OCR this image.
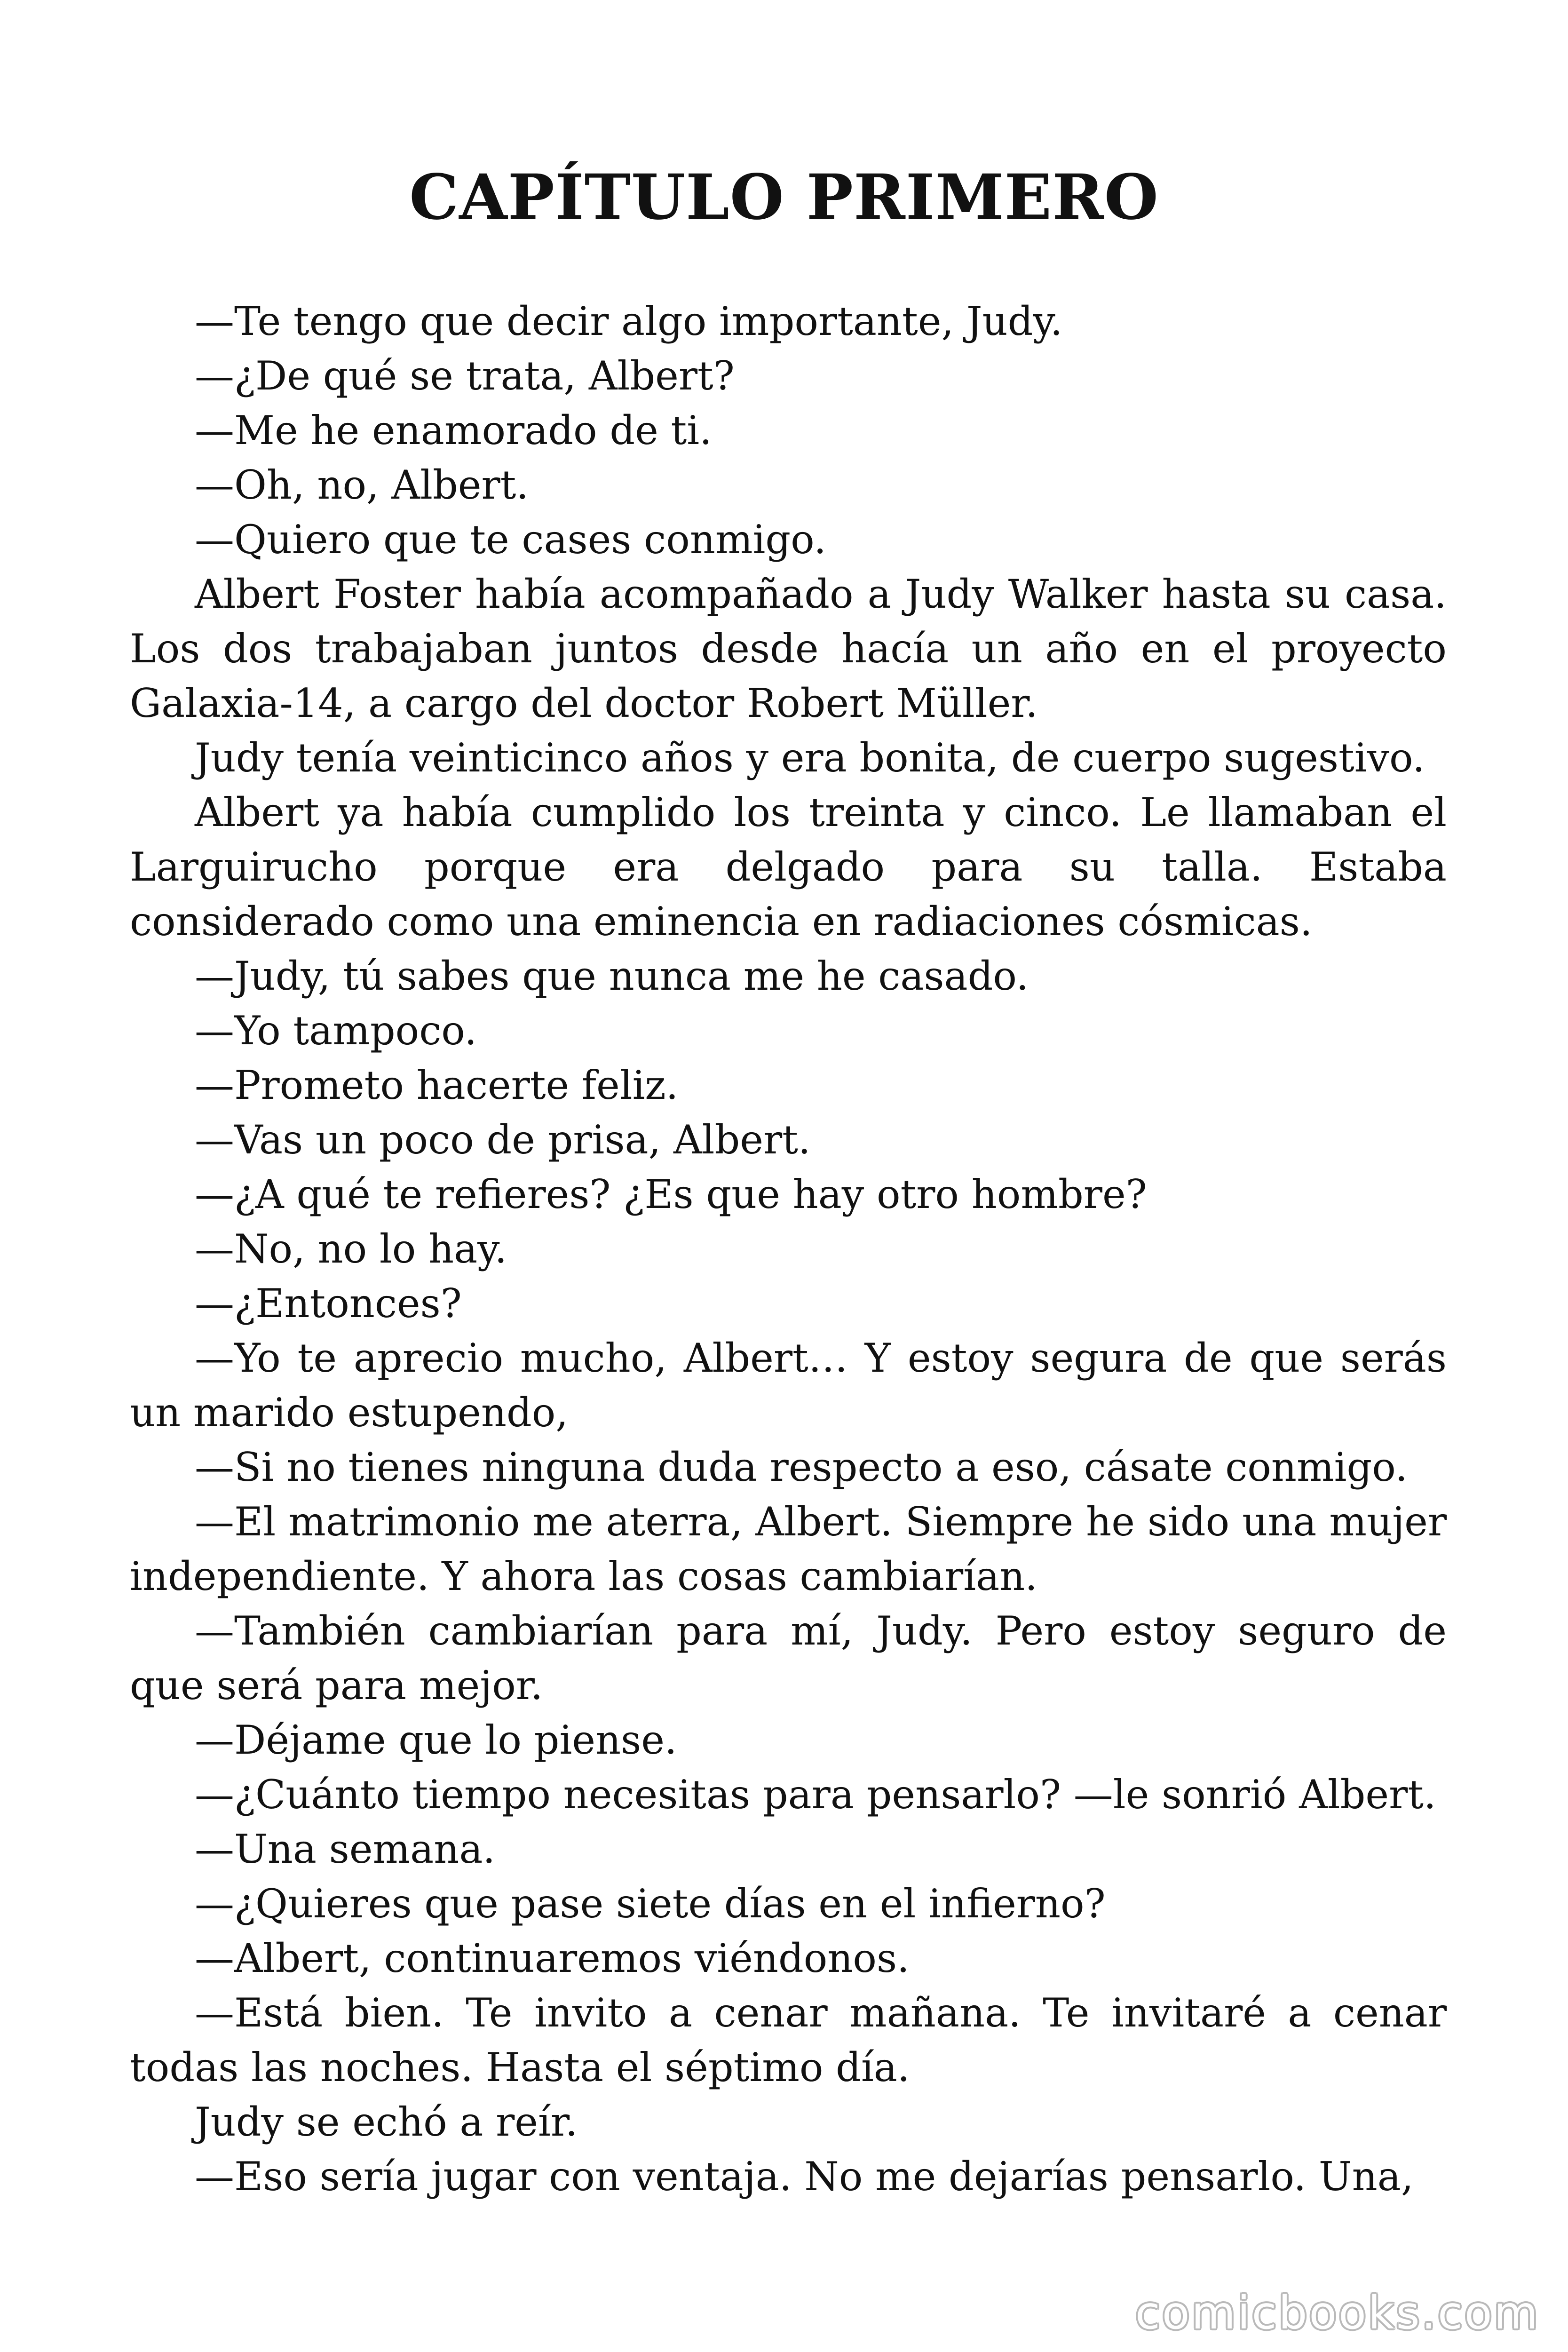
CAPÍTULO PRIMERO

—Te tengo que decir algo importante, Judy.

—¿De qué se trata, Albert?

—Me he enamorado de ti.

—Oh, no, Albert.

—Quiero que te cases conmigo.

Albert Foster había acompañado a Judy Walker hasta su casa. Los dos trabajaban juntos desde hacía un año en el proyecto Galaxia-14, a cargo del doctor Robert Müller.

Judy tenía veinticinco años y era bonita, de cuerpo sugestivo.

Albert ya había cumplido los treinta y cinco. Le llamaban el Larguirucho porque era delgado para su talla. Estaba considerado como una eminencia en radiaciones cósmicas.

—Judy, tú sabes que nunca me he casado.

—Yo tampoco.

—Prometo hacerte feliz.

—Vas un poco de prisa, Albert.

—¿A qué te refieres? ¿Es que hay otro hombre?

—No, no lo hay.

—¿Entonces?

—Yo te aprecio mucho, Albert… Y estoy segura de que serás un marido estupendo,

—Si no tienes ninguna duda respecto a eso, cásate conmigo.

—El matrimonio me aterra, Albert. Siempre he sido una mujer independiente. Y ahora las cosas cambiarían.

—También cambiarían para mí, Judy. Pero estoy seguro de que será para mejor.

—Déjame que lo piense.

—¿Cuánto tiempo necesitas para pensarlo? —le sonrió Albert.

—Una semana.

—¿Quieres que pase siete días en el infierno?

—Albert, continuaremos viéndonos.

—Está bien. Te invito a cenar mañana. Te invitaré a cenar todas las noches. Hasta el séptimo día.

Judy se echó a reír.

—Eso sería jugar con ventaja. No me dejarías pensarlo. Una,

comicbooks.com
